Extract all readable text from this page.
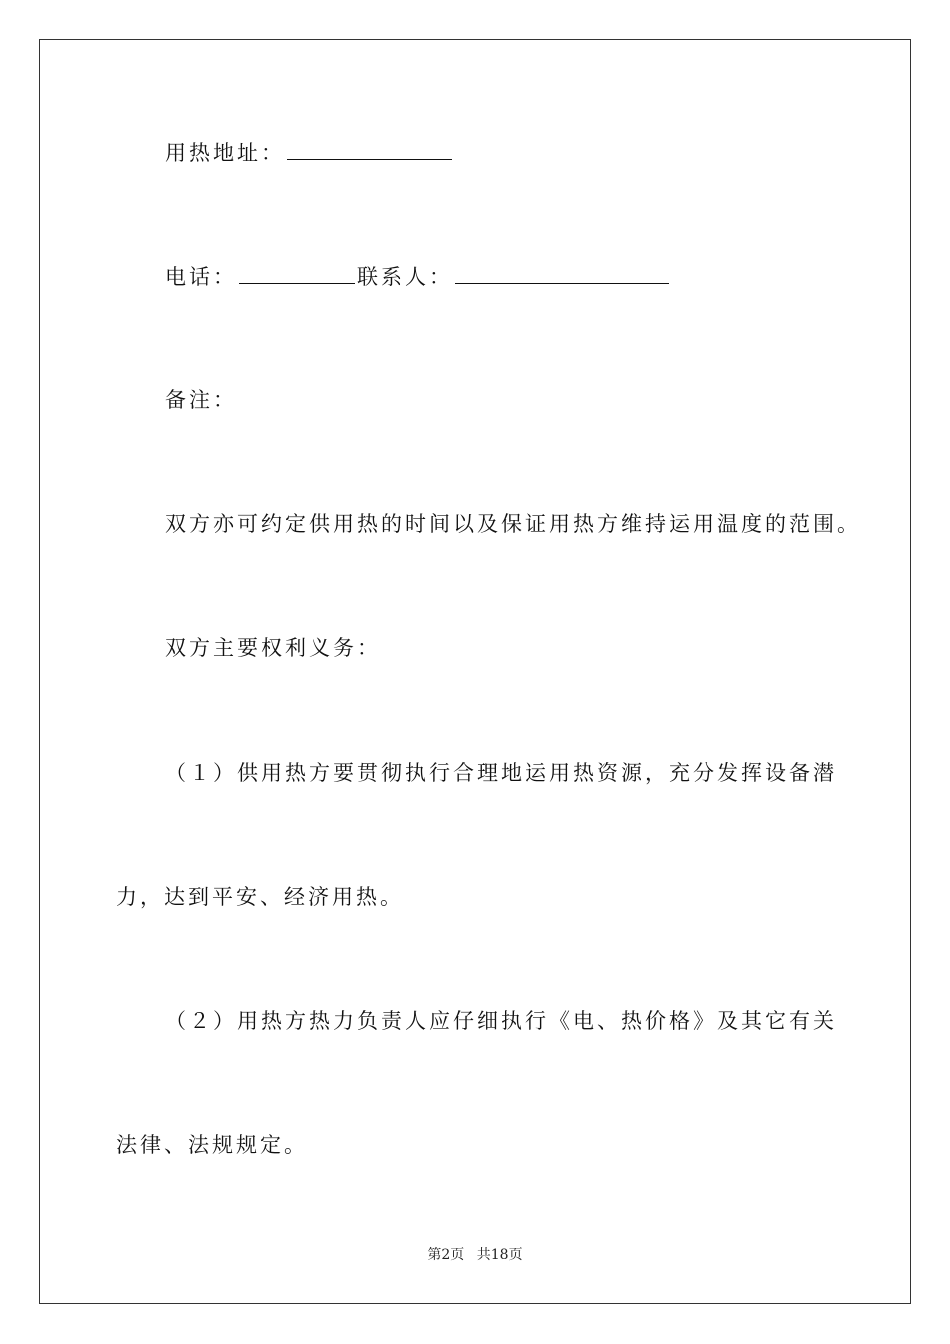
用热地址：
电话：	联系人：
备注：
双方亦可约定供用热的时间以及保证用热方维持运用温度的范围。
双方主要权利义务：
（１）供用热方要贯彻执行合理地运用热资源，充分发挥设备潜
力，达到平安、经济用热。
（２）用热方热力负责人应仔细执行《电、热价格》及其它有关
法律、法规规定。
第2页 共18页
